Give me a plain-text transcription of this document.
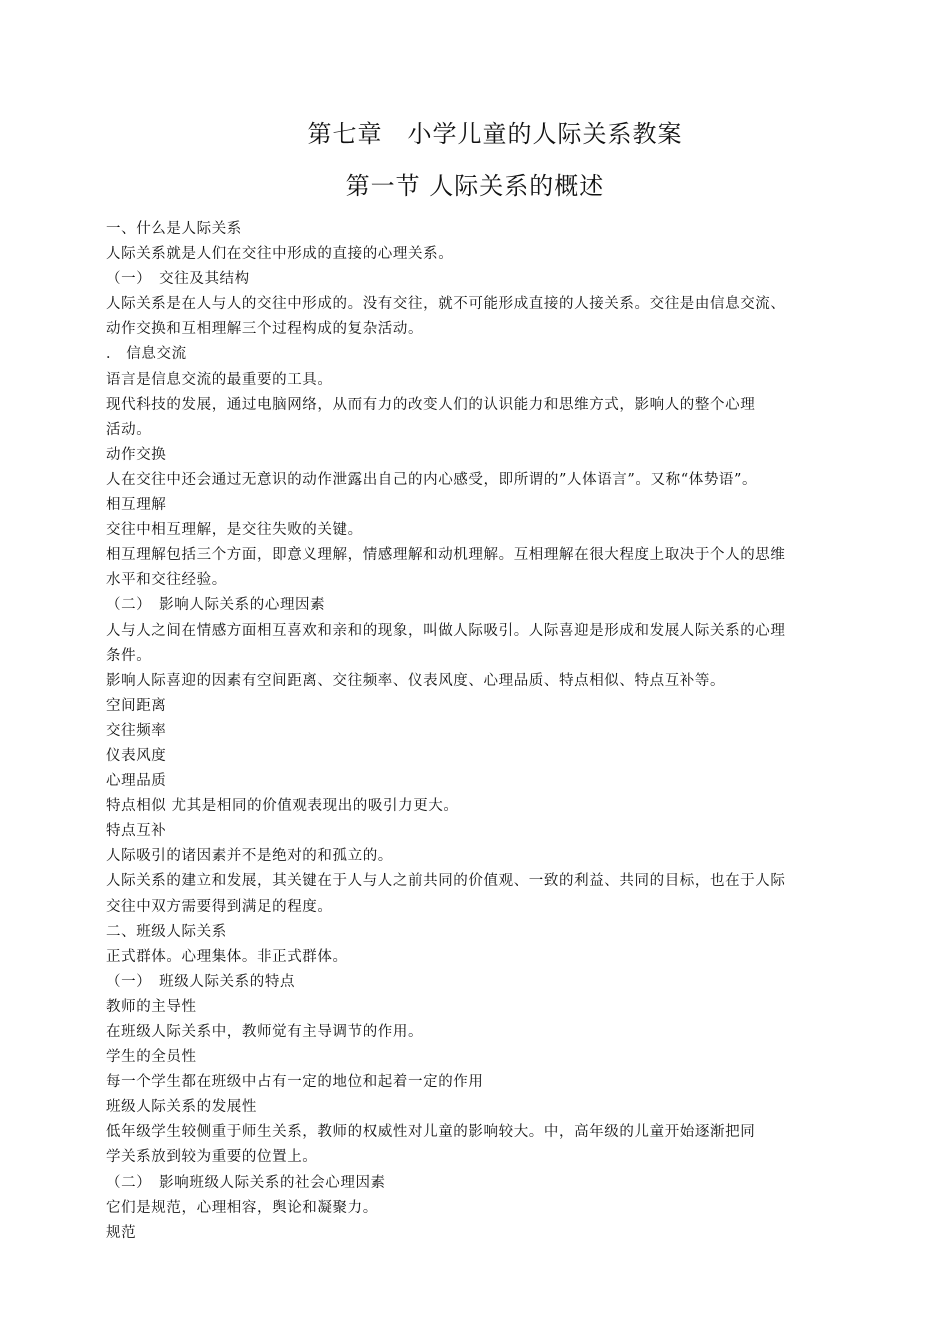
第七章　小学儿童的人际关系教案
第一节 人际关系的概述

一、什么是人际关系

人际关系就是人们在交往中形成的直接的心理关系。

（一）　交往及其结构

人际关系是在人与人的交往中形成的。没有交往，就不可能形成直接的人接关系。交往是由信息交流、

动作交换和互相理解三个过程构成的复杂活动。

． 信息交流

语言是信息交流的最重要的工具。

现代科技的发展，通过电脑网络，从而有力的改变人们的认识能力和思维方式，影响人的整个心理

活动。

动作交换

人在交往中还会通过无意识的动作泄露出自己的内心感受，即所谓的”人体语言”。又称“体势语”。

相互理解

交往中相互理解，是交往失败的关键。

相互理解包括三个方面，即意义理解，情感理解和动机理解。互相理解在很大程度上取决于个人的思维

水平和交往经验。

（二）　影响人际关系的心理因素

人与人之间在情感方面相互喜欢和亲和的现象，叫做人际吸引。人际喜迎是形成和发展人际关系的心理

条件。

影响人际喜迎的因素有空间距离、交往频率、仪表风度、心理品质、特点相似、特点互补等。

空间距离

交往频率

仪表风度

心理品质

特点相似 尤其是相同的价值观表现出的吸引力更大。

特点互补

人际吸引的诸因素并不是绝对的和孤立的。

人际关系的建立和发展，其关键在于人与人之前共同的价值观、一致的利益、共同的目标，也在于人际

交往中双方需要得到满足的程度。

二、班级人际关系

正式群体。心理集体。非正式群体。

（一）　班级人际关系的特点

教师的主导性

在班级人际关系中，教师觉有主导调节的作用。

学生的全员性

每一个学生都在班级中占有一定的地位和起着一定的作用

班级人际关系的发展性

低年级学生较侧重于师生关系，教师的权威性对儿童的影响较大。中，高年级的儿童开始逐渐把同

学关系放到较为重要的位置上。

（二）　影响班级人际关系的社会心理因素

它们是规范，心理相容，舆论和凝聚力。

规范
